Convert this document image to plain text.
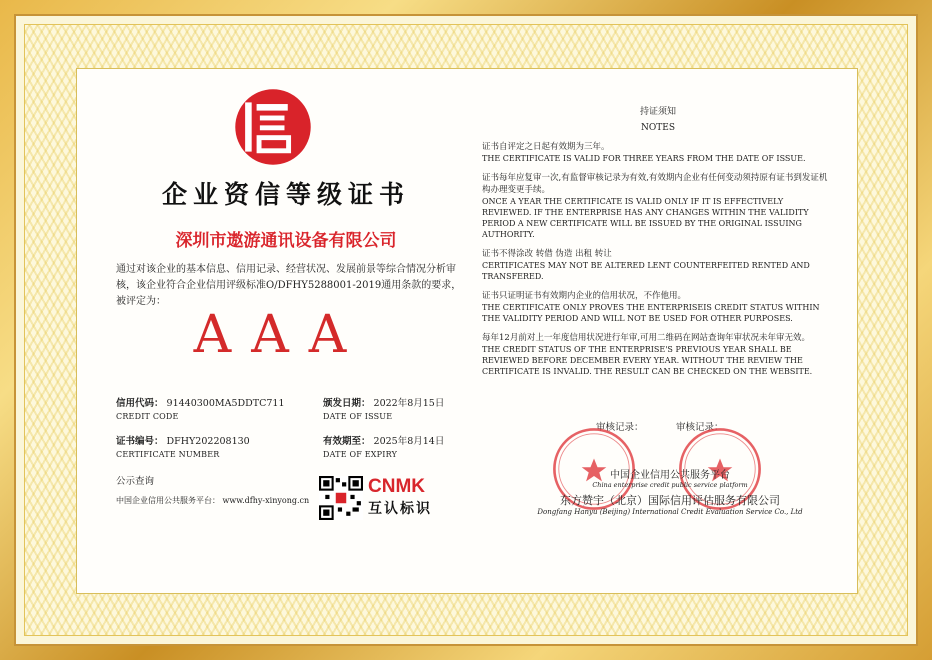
企业资信等级证书
深圳市遨游通讯设备有限公司
通过对该企业的基本信息、信用记录、经营状况、发展前景等综合情况分析审核，该企业符合企业信用评级标准O/DFHY5288001-2019通用条款的要求，被评定为：
AAA
信用代码： 91440300MA5DDTC711
CREDIT CODE
颁发日期： 2022年8月15日
DATE OF ISSUE
证书编号： DFHY202208130
CERTIFICATE NUMBER
有效期至： 2025年8月14日
DATE OF EXPIRY
公示查询
中国企业信用公共服务平台： www.dfhy-xinyong.cn
CNMK
互认标识
持证须知
NOTES
证书自评定之日起有效期为三年。
THE CERTIFICATE IS VALID FOR THREE YEARS FROM THE DATE OF ISSUE.
证书每年应复审一次,有监督审核记录为有效,有效期内企业有任何变动须持原有证书到发证机构办理变更手续。
ONCE A YEAR THE CERTIFICATE IS VALID ONLY IF IT IS EFFECTIVELY REVIEWED. IF THE ENTERPRISE HAS ANY CHANGES WITHIN THE VALIDITY PERIOD A NEW CERTIFICATE WILL BE ISSUED BY THE ORIGINAL ISSUING AUTHORITY.
证书不得涂改 转借 伪造 出租 转让
CERTIFICATES MAY NOT BE ALTERED LENT COUNTERFEITED RENTED AND TRANSFERED.
证书只证明证书有效期内企业的信用状况，不作他用。
THE CERTIFICATE ONLY PROVES THE ENTERPRISEIS CREDIT STATUS WITHIN THE VALIDITY PERIOD AND WILL NOT BE USED FOR OTHER PURPOSES.
每年12月前对上一年度信用状况进行年审,可用二维码在网站查询年审状况未年审无效。
THE CREDIT STATUS OF THE ENTERPRISE'S PREVIOUS YEAR SHALL BE REVIEWED BEFORE DECEMBER EVERY YEAR. WITHOUT THE REVIEW THE CERTIFICATE IS INVALID. THE RESULT CAN BE CHECKED ON THE WEBSITE.
审核记录：	审核记录：
中国企业信用公共服务平台
China enterprise credit public service platform
东方赞宇（北京）国际信用评估服务有限公司
Dongfang Hanyu (Beijing) International Credit Evaluation Service Co., Ltd
